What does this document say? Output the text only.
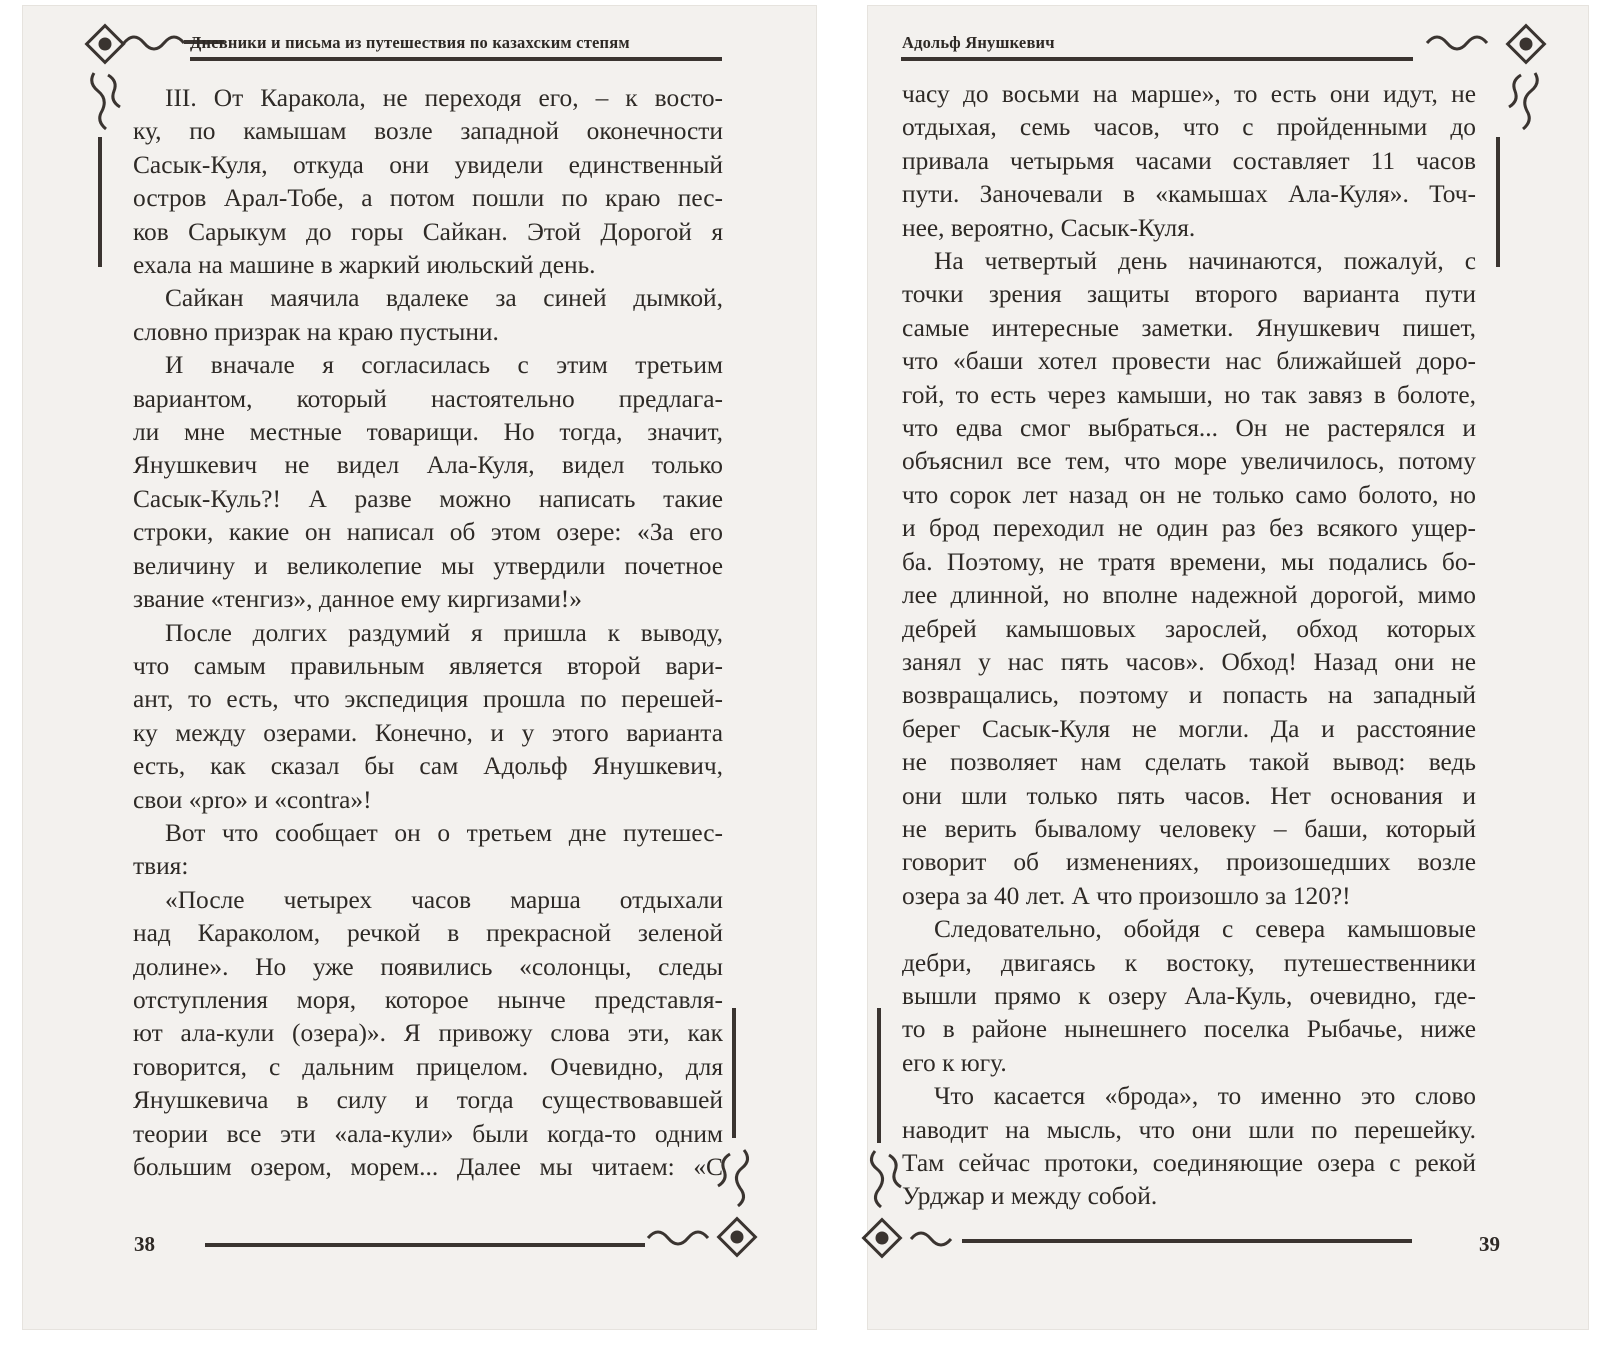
Дневники и письма из путешествия по казахским степям

III. От Каракола, не переходя его, – к восто-

ку, по камышам возле западной оконечности

Сасык-Куля, откуда они увидели единственный

остров Арал-Тобе, а потом пошли по краю пес-

ков Сарыкум до горы Сайкан. Этой Дорогой я

ехала на машине в жаркий июльский день.

Сайкан маячила вдалеке за синей дымкой,

словно призрак на краю пустыни.

И вначале я согласилась с этим третьим

вариантом, который настоятельно предлага-

ли мне местные товарищи. Но тогда, значит,

Янушкевич не видел Ала-Куля, видел только

Сасык-Куль?! А разве можно написать такие

строки, какие он написал об этом озере: «За его

величину и великолепие мы утвердили почетное

звание «тенгиз», данное ему киргизами!»

После долгих раздумий я пришла к выводу,

что самым правильным является второй вари-

ант, то есть, что экспедиция прошла по перешей-

ку между озерами. Конечно, и у этого варианта

есть, как сказал бы сам Адольф Янушкевич,

свои «pro» и «contra»!

Вот что сообщает он о третьем дне путешес-

твия:

«После четырех часов марша отдыхали

над Караколом, речкой в прекрасной зеленой

долине». Но уже появились «солонцы, следы

отступления моря, которое нынче представля-

ют ала-кули (озера)». Я привожу слова эти, как

говорится, с дальним прицелом. Очевидно, для

Янушкевича в силу и тогда существовавшей

теории все эти «ала-кули» были когда-то одним

большим озером, морем... Далее мы читаем: «С

38
Адольф Янушкевич

часу до восьми на марше», то есть они идут, не

отдыхая, семь часов, что с пройденными до

привала четырьмя часами составляет 11 часов

пути. Заночевали в «камышах Ала-Куля». Точ-

нее, вероятно, Сасык-Куля.

На четвертый день начинаются, пожалуй, с

точки зрения защиты второго варианта пути

самые интересные заметки. Янушкевич пишет,

что «баши хотел провести нас ближайшей доро-

гой, то есть через камыши, но так завяз в болоте,

что едва смог выбраться... Он не растерялся и

объяснил все тем, что море увеличилось, потому

что сорок лет назад он не только само болото, но

и брод переходил не один раз без всякого ущер-

ба. Поэтому, не тратя времени, мы подались бо-

лее длинной, но вполне надежной дорогой, мимо

дебрей камышовых зарослей, обход которых

занял у нас пять часов». Обход! Назад они не

возвращались, поэтому и попасть на западный

берег Сасык-Куля не могли. Да и расстояние

не позволяет нам сделать такой вывод: ведь

они шли только пять часов. Нет основания и

не верить бывалому человеку – баши, который

говорит об изменениях, произошедших возле

озера за 40 лет. А что произошло за 120?!

Следовательно, обойдя с севера камышовые

дебри, двигаясь к востоку, путешественники

вышли прямо к озеру Ала-Куль, очевидно, где-

то в районе нынешнего поселка Рыбачье, ниже

его к югу.

Что касается «брода», то именно это слово

наводит на мысль, что они шли по перешейку.

Там сейчас протоки, соединяющие озера с рекой

Урджар и между собой.

39
